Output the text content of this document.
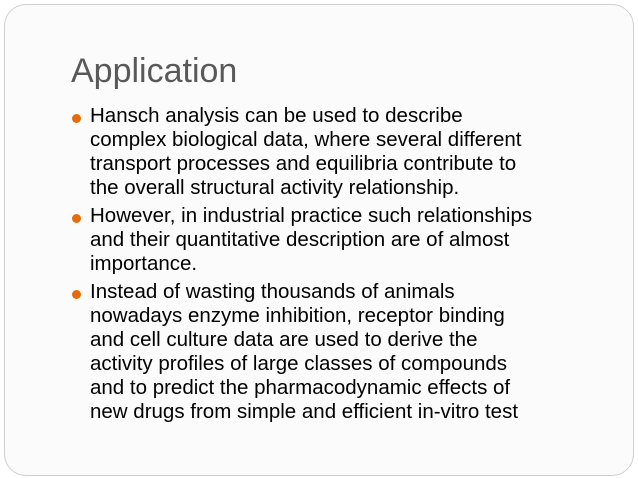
Application
Hansch analysis can be used to describe
complex biological data, where several different
transport processes and equilibria contribute to
the overall structural activity relationship.
However, in industrial practice such relationships
and their quantitative description are of almost
importance.
Instead of wasting thousands of animals
nowadays enzyme inhibition, receptor binding
and cell culture data are used to derive the
activity profiles of large classes of compounds
and to predict the pharmacodynamic effects of
new drugs from simple and efficient in-vitro test
